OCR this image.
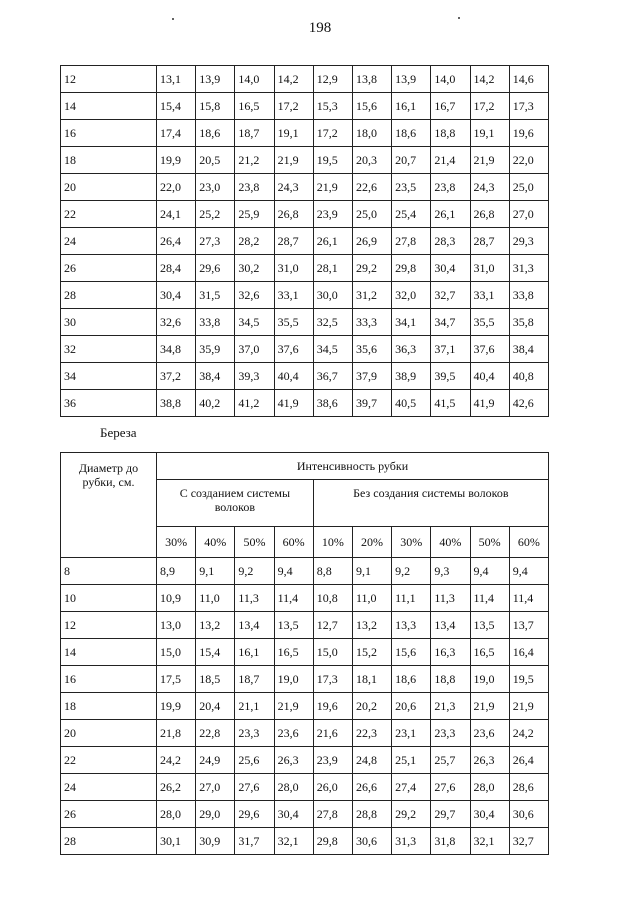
198
12	13,1	13,9	14,0	14,2	12,9	13,8	13,9	14,0	14,2	14,6
14	15,4	15,8	16,5	17,2	15,3	15,6	16,1	16,7	17,2	17,3
16	17,4	18,6	18,7	19,1	17,2	18,0	18,6	18,8	19,1	19,6
18	19,9	20,5	21,2	21,9	19,5	20,3	20,7	21,4	21,9	22,0
20	22,0	23,0	23,8	24,3	21,9	22,6	23,5	23,8	24,3	25,0
22	24,1	25,2	25,9	26,8	23,9	25,0	25,4	26,1	26,8	27,0
24	26,4	27,3	28,2	28,7	26,1	26,9	27,8	28,3	28,7	29,3
26	28,4	29,6	30,2	31,0	28,1	29,2	29,8	30,4	31,0	31,3
28	30,4	31,5	32,6	33,1	30,0	31,2	32,0	32,7	33,1	33,8
30	32,6	33,8	34,5	35,5	32,5	33,3	34,1	34,7	35,5	35,8
32	34,8	35,9	37,0	37,6	34,5	35,6	36,3	37,1	37,6	38,4
34	37,2	38,4	39,3	40,4	36,7	37,9	38,9	39,5	40,4	40,8
36	38,8	40,2	41,2	41,9	38,6	39,7	40,5	41,5	41,9	42,6
Береза
Диаметр до рубки, см.	Интенсивность рубки									
	С созданием системы волоков				Без создания системы волоков					
	30%	40%	50%	60%	10%	20%	30%	40%	50%	60%
8	8,9	9,1	9,2	9,4	8,8	9,1	9,2	9,3	9,4	9,4
10	10,9	11,0	11,3	11,4	10,8	11,0	11,1	11,3	11,4	11,4
12	13,0	13,2	13,4	13,5	12,7	13,2	13,3	13,4	13,5	13,7
14	15,0	15,4	16,1	16,5	15,0	15,2	15,6	16,3	16,5	16,4
16	17,5	18,5	18,7	19,0	17,3	18,1	18,6	18,8	19,0	19,5
18	19,9	20,4	21,1	21,9	19,6	20,2	20,6	21,3	21,9	21,9
20	21,8	22,8	23,3	23,6	21,6	22,3	23,1	23,3	23,6	24,2
22	24,2	24,9	25,6	26,3	23,9	24,8	25,1	25,7	26,3	26,4
24	26,2	27,0	27,6	28,0	26,0	26,6	27,4	27,6	28,0	28,6
26	28,0	29,0	29,6	30,4	27,8	28,8	29,2	29,7	30,4	30,6
28	30,1	30,9	31,7	32,1	29,8	30,6	31,3	31,8	32,1	32,7
